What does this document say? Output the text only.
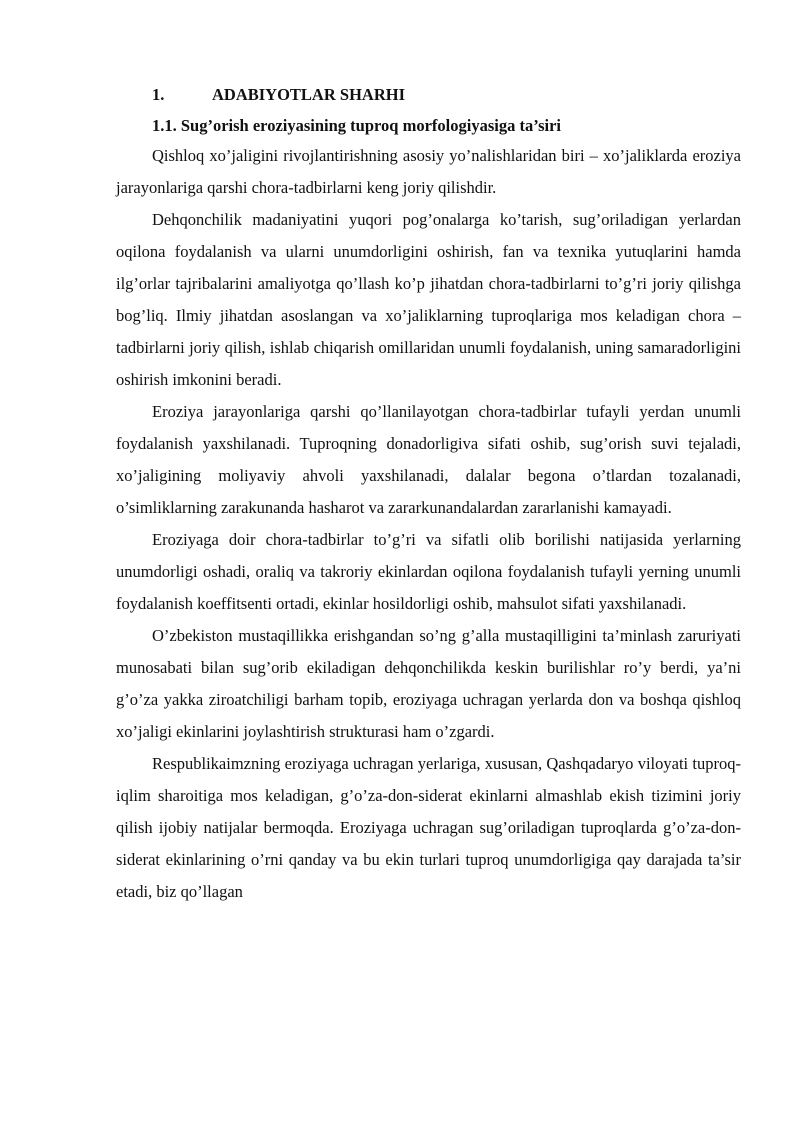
1.	ADABIYOTLAR SHARHI
1.1. Sug’orish eroziyasining tuproq morfologiyasiga ta’siri

Qishloq xo’jaligini rivojlantirishning asosiy yo’nalishlaridan biri – xo’jaliklarda eroziya jarayonlariga qarshi chora-tadbirlarni keng joriy qilishdir.

Dehqonchilik madaniyatini yuqori pog’onalarga ko’tarish, sug’oriladigan yerlardan oqilona foydalanish va ularni unumdorligini oshirish, fan va texnika yutuqlarini hamda ilg’orlar tajribalarini amaliyotga qo’llash ko’p jihatdan chora-tadbirlarni to’g’ri joriy qilishga bog’liq. Ilmiy jihatdan asoslangan va xo’jaliklarning tuproqlariga mos keladigan chora – tadbirlarni joriy qilish, ishlab chiqarish omillaridan unumli foydalanish, uning samaradorligini oshirish imkonini beradi.

Eroziya jarayonlariga qarshi qo’llanilayotgan chora-tadbirlar tufayli yerdan unumli foydalanish yaxshilanadi. Tuproqning donadorligiva sifati oshib, sug’orish suvi tejaladi, xo’jaligining moliyaviy ahvoli yaxshilanadi, dalalar begona o’tlardan tozalanadi, o’simliklarning zarakunanda hasharot va zararkunandalardan zararlanishi kamayadi.

Eroziyaga doir chora-tadbirlar to’g’ri va sifatli olib borilishi natijasida yerlarning unumdorligi oshadi, oraliq va takroriy ekinlardan oqilona foydalanish tufayli yerning unumli foydalanish koeffitsenti ortadi, ekinlar hosildorligi oshib, mahsulot sifati yaxshilanadi.

O’zbekiston mustaqillikka erishgandan so’ng g’alla mustaqilligini ta’minlash zaruriyati munosabati bilan sug’orib ekiladigan dehqonchilikda keskin burilishlar ro’y berdi, ya’ni g’o’za yakka ziroatchiligi barham topib, eroziyaga uchragan yerlarda don va boshqa qishloq xo’jaligi ekinlarini joylashtirish strukturasi ham o’zgardi.

Respublikaimzning eroziyaga uchragan yerlariga, xususan, Qashqadaryo viloyati tuproq-iqlim sharoitiga mos keladigan, g’o’za-don-siderat ekinlarni almashlab ekish tizimini joriy qilish ijobiy natijalar bermoqda. Eroziyaga uchragan sug’oriladigan tuproqlarda g’o’za-don-siderat ekinlarining o’rni qanday va bu ekin turlari tuproq unumdorligiga qay darajada ta’sir etadi, biz qo’llagan
